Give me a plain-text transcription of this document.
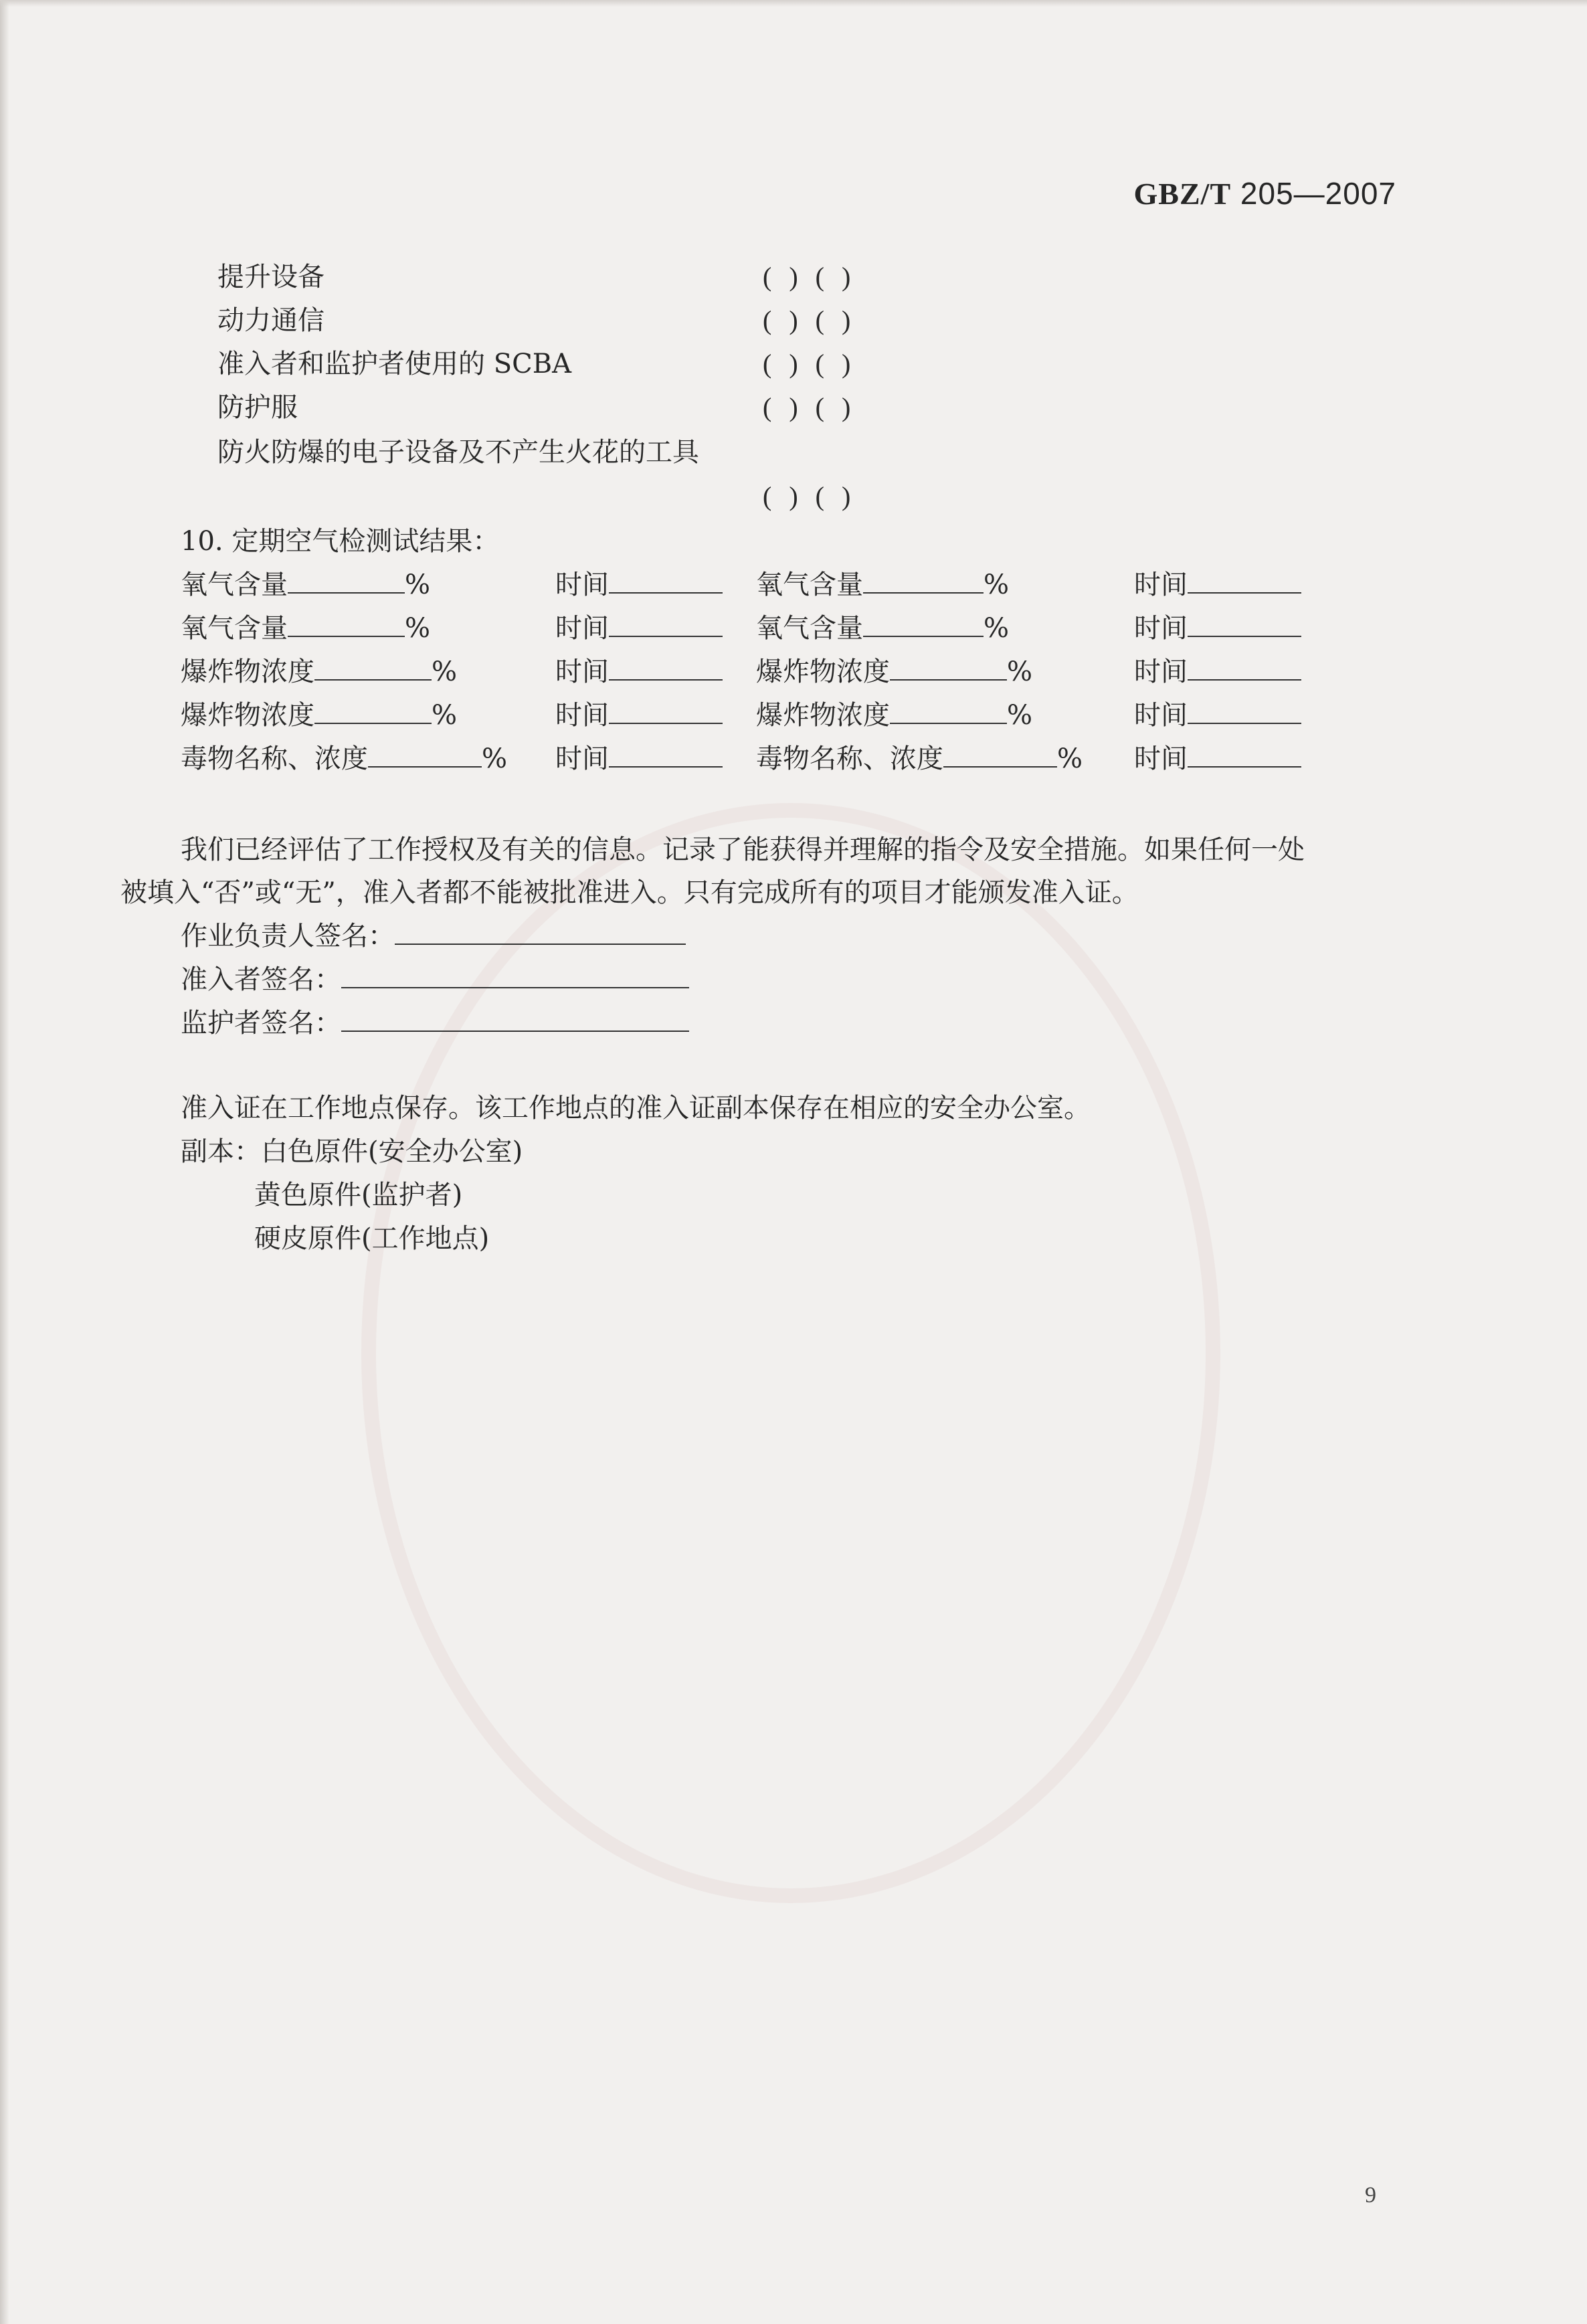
GBZ/T 205—2007
提升设备	( ) ( )
动力通信	( ) ( )
准入者和监护者使用的 SCBA	( ) ( )
防护服	( ) ( )
防火防爆的电子设备及不产生火花的工具
( ) ( )
10. 定期空气检测试结果：
氧气含量	%	时间	氧气含量	%	时间
氧气含量	%	时间	氧气含量	%	时间
爆炸物浓度	%	时间	爆炸物浓度	%	时间
爆炸物浓度	%	时间	爆炸物浓度	%	时间
毒物名称、浓度	% 时间	毒物名称、浓度	% 时间
我们已经评估了工作授权及有关的信息。记录了能获得并理解的指令及安全措施。如果任何一处
被填入“否”或“无”，准入者都不能被批准进入。只有完成所有的项目才能颁发准入证。
作业负责人签名：
准入者签名：
监护者签名：
准入证在工作地点保存。该工作地点的准入证副本保存在相应的安全办公室。
副本：白色原件(安全办公室)
黄色原件(监护者)
硬皮原件(工作地点)
9
